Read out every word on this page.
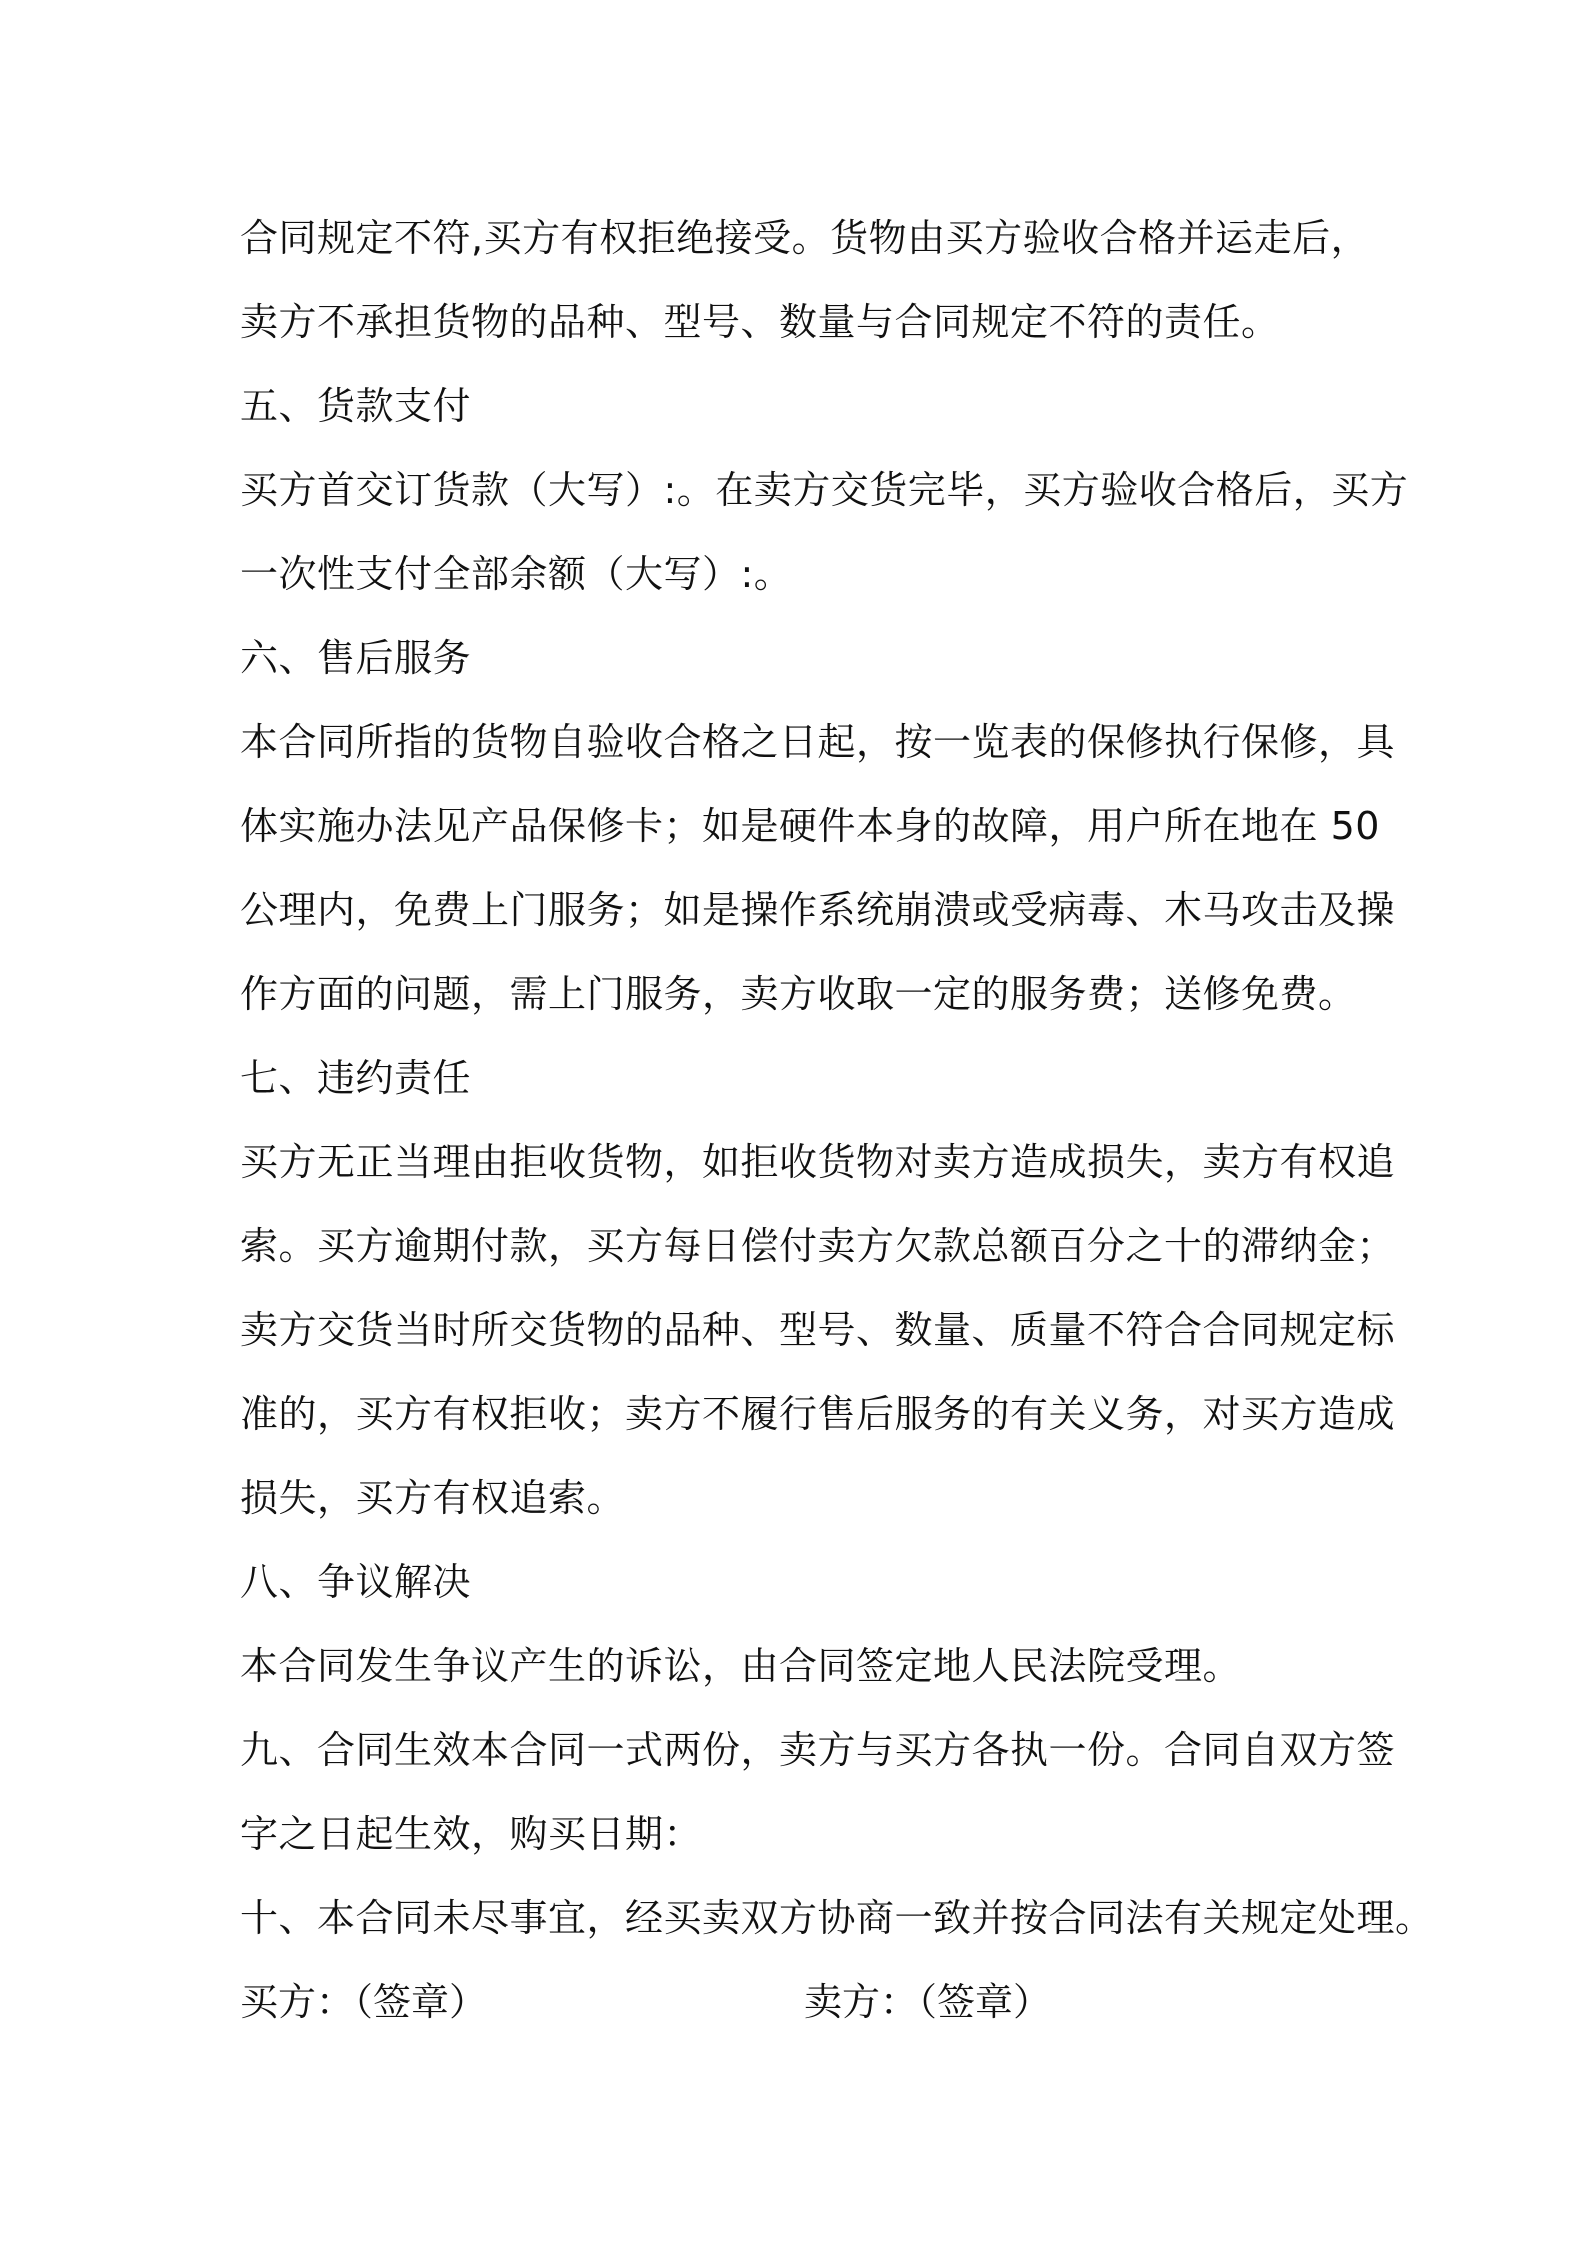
合同规定不符,买方有权拒绝接受。货物由买方验收合格并运走后，
卖方不承担货物的品种、型号、数量与合同规定不符的责任。
五、货款支付
买方首交订货款（大写）:。在卖方交货完毕，买方验收合格后，买方
一次性支付全部余额（大写）:。
六、售后服务
本合同所指的货物自验收合格之日起，按一览表的保修执行保修，具
体实施办法见产品保修卡；如是硬件本身的故障，用户所在地在 50
公理内，免费上门服务；如是操作系统崩溃或受病毒、木马攻击及操
作方面的问题，需上门服务，卖方收取一定的服务费；送修免费。
七、违约责任
买方无正当理由拒收货物，如拒收货物对卖方造成损失，卖方有权追
索。买方逾期付款，买方每日偿付卖方欠款总额百分之十的滞纳金；
卖方交货当时所交货物的品种、型号、数量、质量不符合合同规定标
准的，买方有权拒收；卖方不履行售后服务的有关义务，对买方造成
损失，买方有权追索。
八、争议解决
本合同发生争议产生的诉讼，由合同签定地人民法院受理。
九、合同生效本合同一式两份，卖方与买方各执一份。合同自双方签
字之日起生效，购买日期：
十、本合同未尽事宜，经买卖双方协商一致并按合同法有关规定处理。
买方：（签章）	卖方：（签章）
